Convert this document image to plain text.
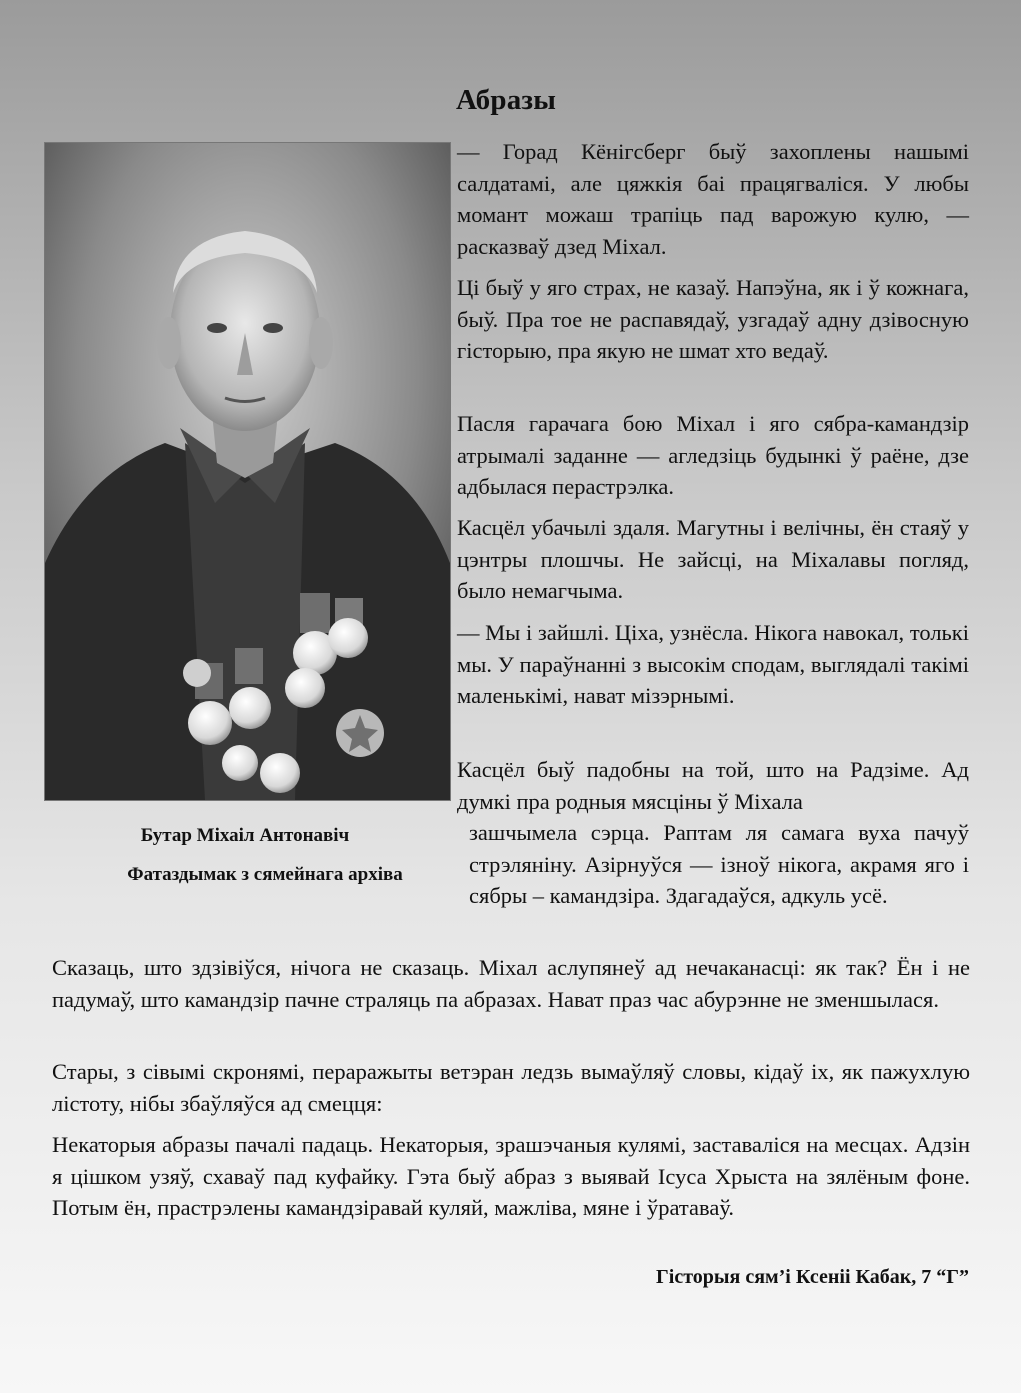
Абразы
Бутар Міхаіл Антонавіч
Фатаздымак з сямейнага архіва

— Горад Кёнігсберг быў захоплены нашымі салдатамі, але цяжкія баі працягваліся. У любы момант можаш трапіць пад варожую кулю, — расказваў дзед Міхал.

Ці быў у яго страх, не казаў. Напэўна, як і ў кожнага, быў. Пра тое не распавядаў, узгадаў адну дзівосную гісторыю, пра якую не шмат хто ведаў.

Пасля гарачага бою Міхал і яго сябра-камандзір атрымалі заданне — агледзіць будынкі ў раёне, дзе адбылася перастрэлка.

Касцёл убачылі здаля. Магутны і велічны, ён стаяў у цэнтры плошчы. Не зайсці, на Міхалавы погляд, было немагчыма.

— Мы і зайшлі. Ціха, узнёсла. Нікога навокал, толькі мы. У параўнанні з высокім сподам, выглядалі такімі маленькімі, нават мізэрнымі.

Касцёл быў падобны на той, што на Радзіме. Ад думкі пра родныя мясціны ў Міхала
зашчымела сэрца. Раптам ля самага вуха пачуў стрэляніну. Азірнуўся — ізноў нікога, акрамя яго і сябры – камандзіра. Здагадаўся, адкуль усё.

Сказаць, што здзівіўся, нічога не сказаць. Міхал аслупянеў ад нечаканасці: як так? Ён і не падумаў, што камандзір пачне страляць па абразах. Нават праз час абурэнне не зменшылася.

Стары, з сівымі скронямі, пераражыты ветэран ледзь вымаўляў словы, кідаў іх, як пажухлую лістоту, нібы збаўляўся ад смецця:

Некаторыя абразы пачалі падаць. Некаторыя, зрашэчаныя кулямі, заставаліся на месцах. Адзін я цішком узяў, схаваў пад куфайку. Гэта быў абраз з выявай Ісуса Хрыста на зялёным фоне. Потым ён, прастрэлены камандзіравай куляй, мажліва, мяне і ўратаваў.

Гісторыя сям’і Ксеніі Кабак, 7 “Г”
